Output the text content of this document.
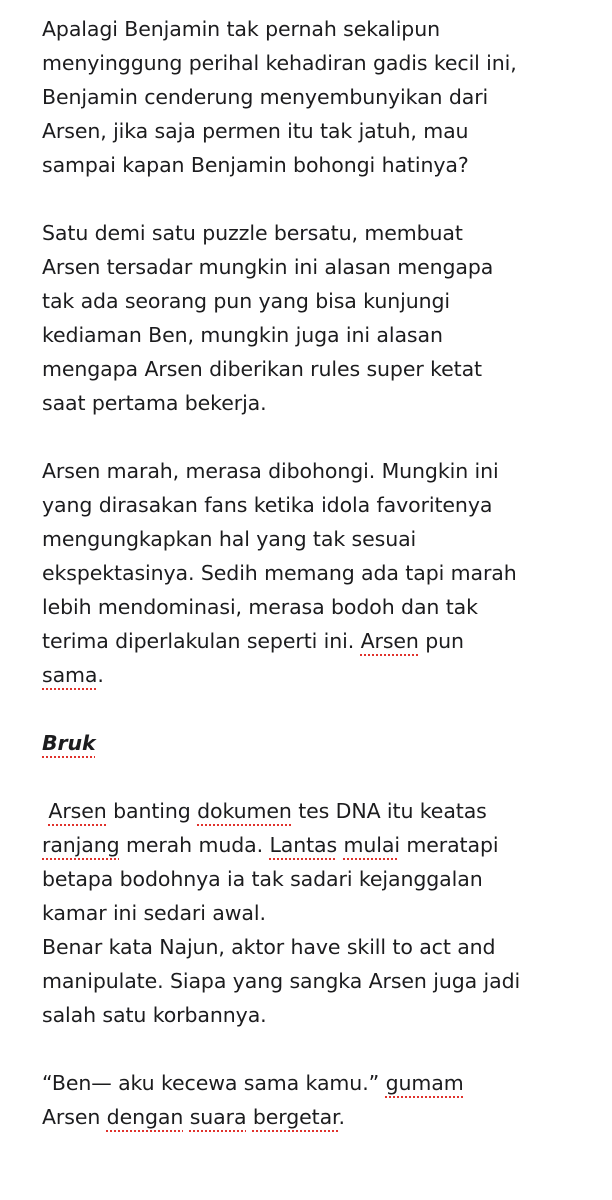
Apalagi Benjamin tak pernah sekalipun
menyinggung perihal kehadiran gadis kecil ini,
Benjamin cenderung menyembunyikan dari
Arsen, jika saja permen itu tak jatuh, mau
sampai kapan Benjamin bohongi hatinya?
Satu demi satu puzzle bersatu, membuat
Arsen tersadar mungkin ini alasan mengapa
tak ada seorang pun yang bisa kunjungi
kediaman Ben, mungkin juga ini alasan
mengapa Arsen diberikan rules super ketat
saat pertama bekerja.
Arsen marah, merasa dibohongi. Mungkin ini
yang dirasakan fans ketika idola favoritenya
mengungkapkan hal yang tak sesuai
ekspektasinya. Sedih memang ada tapi marah
lebih mendominasi, merasa bodoh dan tak
terima diperlakulan seperti ini. Arsen pun
sama.
Bruk
Arsen banting dokumen tes DNA itu keatas
ranjang merah muda. Lantas mulai meratapi
betapa bodohnya ia tak sadari kejanggalan
kamar ini sedari awal.
Benar kata Najun, aktor have skill to act and
manipulate. Siapa yang sangka Arsen juga jadi
salah satu korbannya.
“Ben— aku kecewa sama kamu.” gumam
Arsen dengan suara bergetar.
